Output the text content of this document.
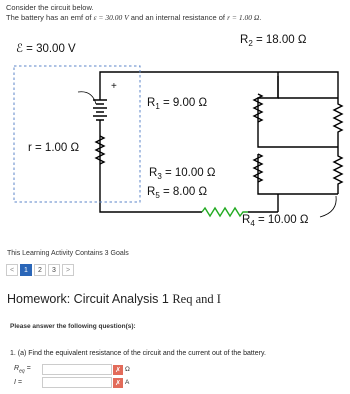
Consider the circuit below.
The battery has an emf of ε = 30.00 V and an internal resistance of r = 1.00 Ω.
+
ℰ = 30.00 V
r = 1.00 Ω
$R_1 = 9.00$ Ω
$R_2 = 18.00$ Ω
$R_3 = 10.00$ Ω
$R_5 = 8.00$ Ω
$R_4 = 10.00$ Ω
This Learning Activity Contains 3 Goals
<	1	2	3	>
Homework: Circuit Analysis 1 Req and I
Please answer the following question(s):
1. (a) Find the equivalent resistance of the circuit and the current out of the battery.
$R_{eq}$ =	✗ Ω
I =	✗ A
